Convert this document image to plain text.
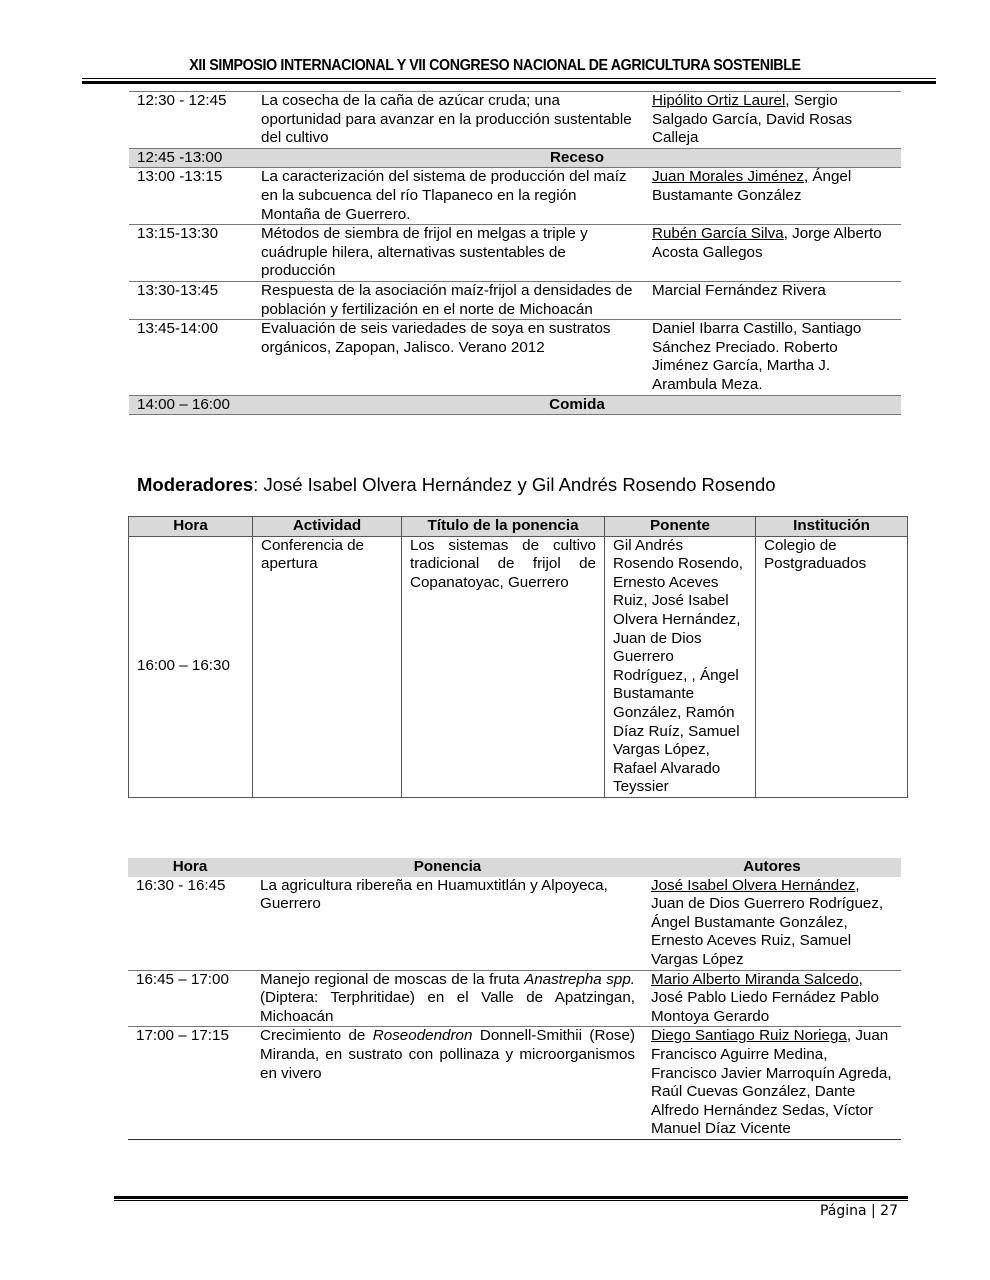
XII SIMPOSIO INTERNACIONAL Y VII CONGRESO NACIONAL DE AGRICULTURA SOSTENIBLE
12:30 - 12:45	La cosecha de la caña de azúcar cruda; una oportunidad para avanzar en la producción sustentable del cultivo	Hipólito Ortiz Laurel, Sergio Salgado García, David Rosas Calleja
12:45 -13:00	Receso	
13:00 -13:15	La caracterización del sistema de producción del maíz en la subcuenca del río Tlapaneco en la región Montaña de Guerrero.	Juan Morales Jiménez, Ángel Bustamante González
13:15-13:30	Métodos de siembra de frijol en melgas a triple y cuádruple hilera, alternativas sustentables de producción	Rubén García Silva, Jorge Alberto Acosta Gallegos
13:30-13:45	Respuesta de la asociación maíz-frijol a densidades de población y fertilización en el norte de Michoacán	Marcial Fernández Rivera
13:45-14:00	Evaluación de seis variedades de soya en sustratos orgánicos, Zapopan, Jalisco. Verano 2012	Daniel Ibarra Castillo, Santiago Sánchez Preciado. Roberto Jiménez García, Martha J. Arambula Meza.
14:00 – 16:00	Comida	
Moderadores: José Isabel Olvera Hernández y Gil Andrés Rosendo Rosendo
Hora	Actividad	Título de la ponencia	Ponente	Institución
16:00 – 16:30	Conferencia de apertura	Los sistemas de cultivo tradicional de frijol de Copanatoyac, Guerrero	Gil Andrés Rosendo Rosendo, Ernesto Aceves Ruiz, José Isabel Olvera Hernández, Juan de Dios Guerrero Rodríguez, , Ángel Bustamante González, Ramón Díaz Ruíz, Samuel Vargas López, Rafael Alvarado Teyssier	Colegio de Postgraduados
Hora	Ponencia	Autores
16:30 - 16:45	La agricultura ribereña en Huamuxtitlán y Alpoyeca, Guerrero	José Isabel Olvera Hernández, Juan de Dios Guerrero Rodríguez, Ángel Bustamante González, Ernesto Aceves Ruiz, Samuel Vargas López
16:45 – 17:00	Manejo regional de moscas de la fruta Anastrepha spp. (Diptera: Terphritidae) en el Valle de Apatzingan, Michoacán	Mario Alberto Miranda Salcedo, José Pablo Liedo Fernádez Pablo Montoya Gerardo
17:00 – 17:15	Crecimiento de Roseodendron Donnell-Smithii (Rose) Miranda, en sustrato con pollinaza y microorganismos en vivero	Diego Santiago Ruiz Noriega, Juan Francisco Aguirre Medina, Francisco Javier Marroquín Agreda, Raúl Cuevas González, Dante Alfredo Hernández Sedas, Víctor Manuel Díaz Vicente
Página | 27
